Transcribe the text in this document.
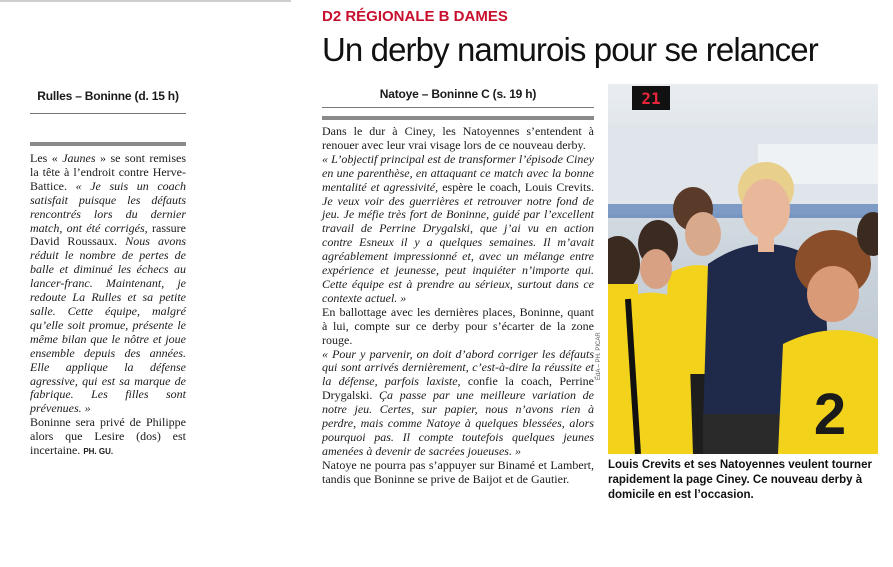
Rulles – Boninne (d. 15 h)

Les « Jaunes » se sont remises la tête à l’endroit contre Herve-Battice. « Je suis un coach satisfait puisque les défauts rencontrés lors du dernier match, ont été corrigés, rassure David Roussaux. Nous avons réduit le nombre de pertes de balle et diminué les échecs au lancer-franc. Maintenant, je redoute La Rulles et sa petite salle. Cette équipe, malgré qu’elle soit promue, présente le même bilan que le nôtre et joue ensemble depuis des années. Elle applique la défense agressive, qui est sa marque de fabrique. Les filles sont prévenues. »

Boninne sera privé de Philippe alors que Lesire (dos) est incertaine. PH. GU.

D2 RÉGIONALE B DAMES
Un derby namurois pour se relancer
Natoye – Boninne C (s. 19 h)

Dans le dur à Ciney, les Natoyennes s’entendent à renouer avec leur vrai visage lors de ce nouveau derby.

« L’objectif principal est de transformer l’épisode Ciney en une parenthèse, en attaquant ce match avec la bonne mentalité et agressivité, espère le coach, Louis Crevits. Je veux voir des guerrières et retrouver notre fond de jeu. Je méfie très fort de Boninne, guidé par l’excellent travail de Perrine Drygalski, que j’ai vu en action contre Esneux il y a quelques semaines. Il m’avait agréablement impressionné et, avec un mélange entre expérience et jeunesse, peut inquiéter n’importe qui. Cette équipe est à prendre au sérieux, surtout dans ce contexte actuel. »

En ballottage avec les dernières places, Boninne, quant à lui, compte sur ce derby pour s’écarter de la zone rouge.

« Pour y parvenir, on doit d’abord corriger les défauts qui sont arrivés dernièrement, c’est-à-dire la réussite et la défense, parfois laxiste, confie la coach, Perrine Drygalski. Ça passe par une meilleure variation de notre jeu. Certes, sur papier, nous n’avons rien à perdre, mais comme Natoye à quelques blessées, alors pourquoi pas. Il compte toutefois quelques jeunes amenées à devenir de sacrées joueuses. »

Natoye ne pourra pas s’appuyer sur Binamé et Lambert, tandis que Boninne se prive de Baijot et de Gautier.

21
2
ÉdA – PH. PICAR
Louis Crevits et ses Natoyennes veulent tourner rapidement la page Ciney. Ce nouveau derby à domicile en est l’occasion.
